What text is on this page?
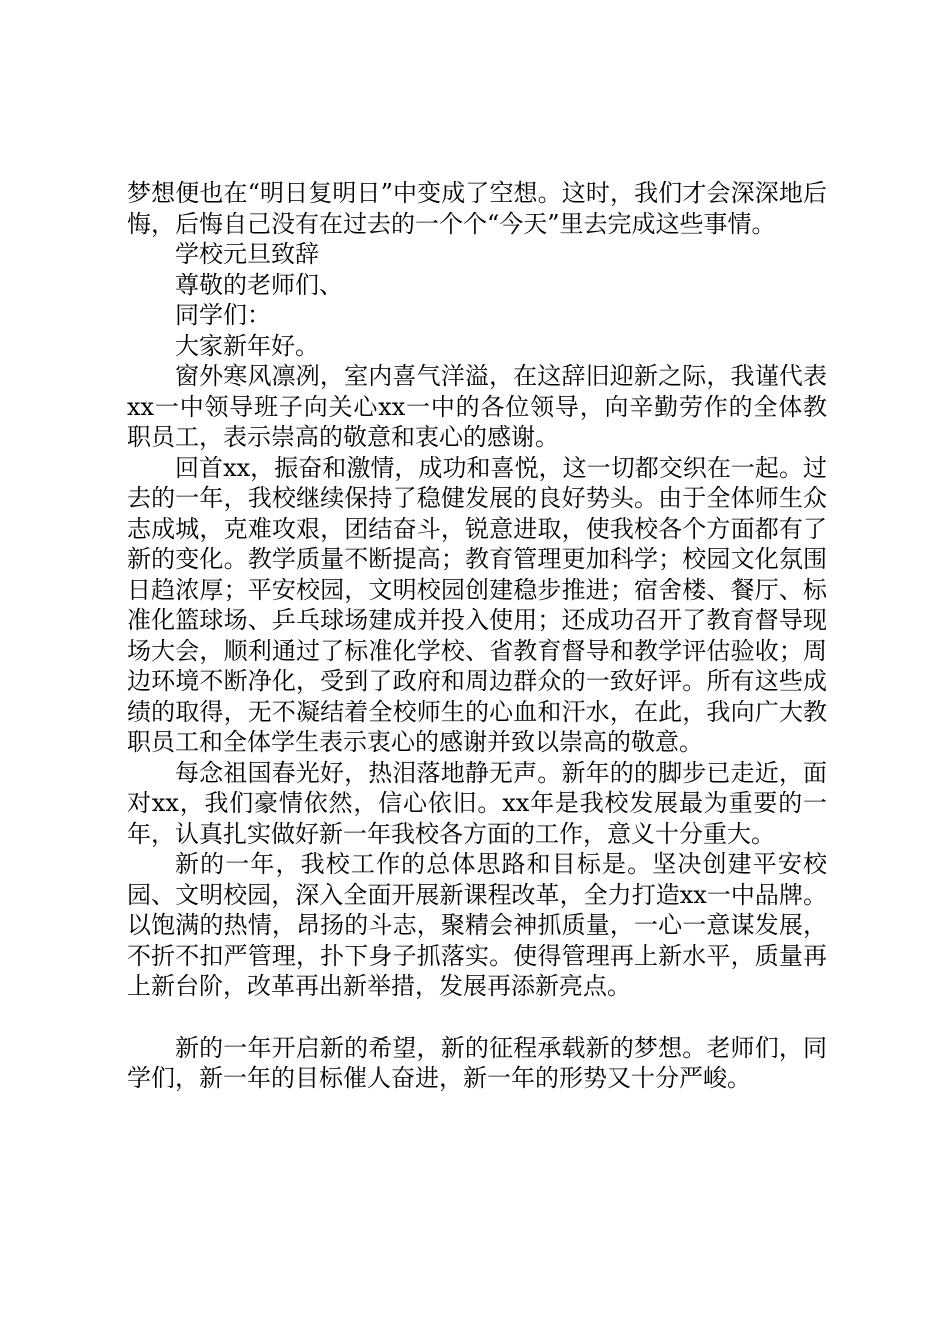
梦想便也在“明日复明日”中变成了空想。这时，我们才会深深地后悔，后悔自己没有在过去的一个个“今天”里去完成这些事情。

学校元旦致辞

尊敬的老师们、

同学们：

大家新年好。

窗外寒风凛冽，室内喜气洋溢，在这辞旧迎新之际，我谨代表xx一中领导班子向关心xx一中的各位领导，向辛勤劳作的全体教职员工，表示崇高的敬意和衷心的感谢。

回首xx，振奋和激情，成功和喜悦，这一切都交织在一起。过去的一年，我校继续保持了稳健发展的良好势头。由于全体师生众志成城，克难攻艰，团结奋斗，锐意进取，使我校各个方面都有了新的变化。教学质量不断提高；教育管理更加科学；校园文化氛围日趋浓厚；平安校园，文明校园创建稳步推进；宿舍楼、餐厅、标准化篮球场、乒乓球场建成并投入使用；还成功召开了教育督导现场大会，顺利通过了标准化学校、省教育督导和教学评估验收；周边环境不断净化，受到了政府和周边群众的一致好评。所有这些成绩的取得，无不凝结着全校师生的心血和汗水，在此，我向广大教职员工和全体学生表示衷心的感谢并致以崇高的敬意。

每念祖国春光好，热泪落地静无声。新年的的脚步已走近，面对xx，我们豪情依然，信心依旧。xx年是我校发展最为重要的一年，认真扎实做好新一年我校各方面的工作，意义十分重大。

新的一年，我校工作的总体思路和目标是。坚决创建平安校园、文明校园，深入全面开展新课程改革，全力打造xx一中品牌。以饱满的热情，昂扬的斗志，聚精会神抓质量，一心一意谋发展，不折不扣严管理，扑下身子抓落实。使得管理再上新水平，质量再上新台阶，改革再出新举措，发展再添新亮点。

新的一年开启新的希望，新的征程承载新的梦想。老师们，同学们，新一年的目标催人奋进，新一年的形势又十分严峻。
